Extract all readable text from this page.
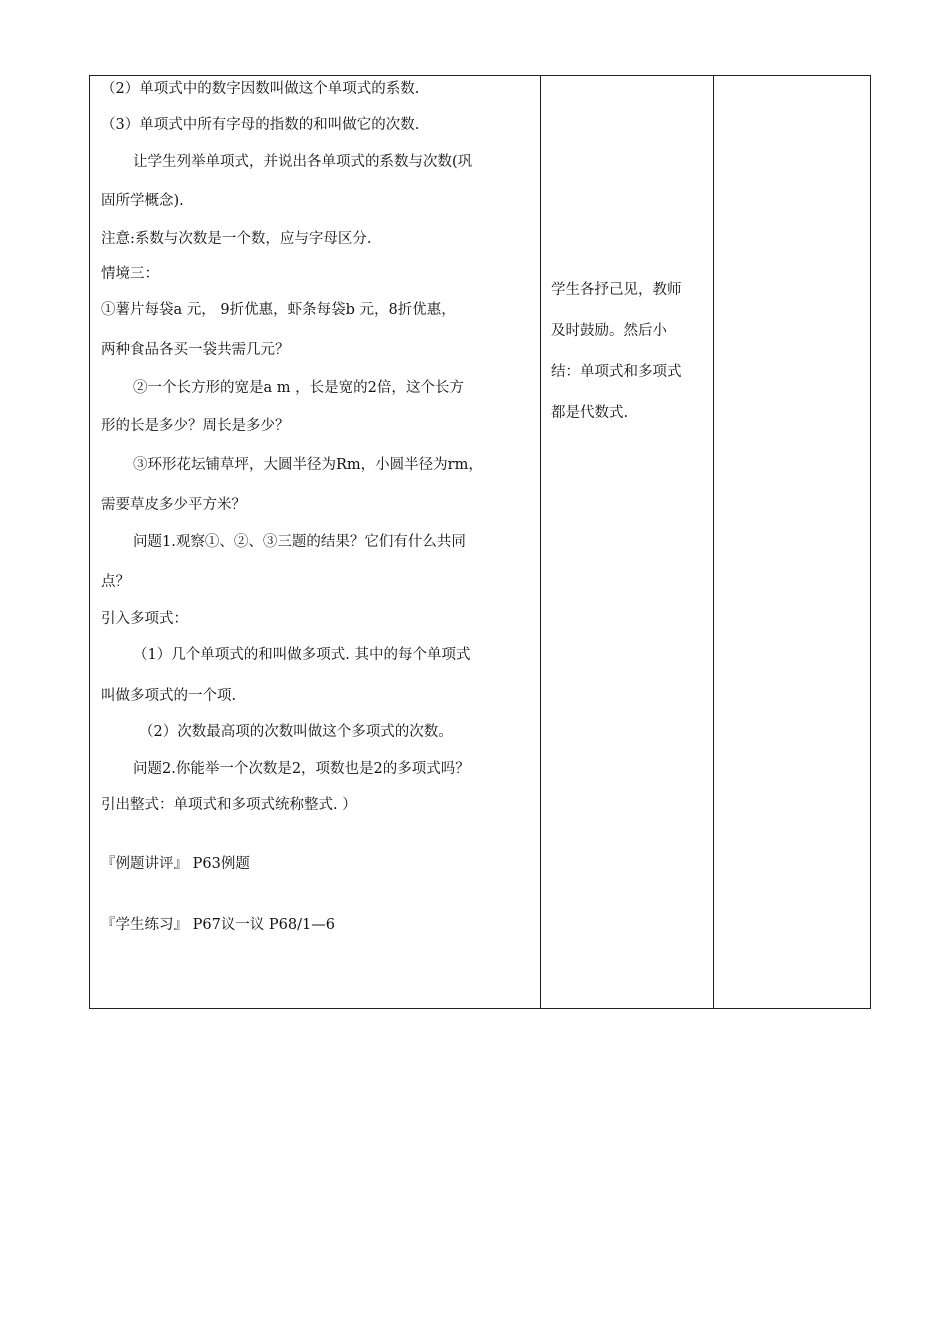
（2）单项式中的数字因数叫做这个单项式的系数.
（3）单项式中所有字母的指数的和叫做它的次数.
让学生列举单项式，并说出各单项式的系数与次数(巩
固所学概念).
注意:系数与次数是一个数，应与字母区分.
情境三：
①薯片每袋a 元， 9折优惠，虾条每袋b 元，8折优惠，
两种食品各买一袋共需几元？
②一个长方形的宽是a m ，长是宽的2倍，这个长方
形的长是多少？周长是多少？
③环形花坛铺草坪，大圆半径为Rm，小圆半径为rm，
需要草皮多少平方米？
问题1.观察①、②、③三题的结果？它们有什么共同
点？
引入多项式：
（1）几个单项式的和叫做多项式. 其中的每个单项式
叫做多项式的一个项.
（2）次数最高项的次数叫做这个多项式的次数。
问题2.你能举一个次数是2，项数也是2的多项式吗？
引出整式：单项式和多项式统称整式. ）
『例题讲评』 P63例题
『学生练习』 P67议一议 P68/1—6

学生各抒己见，教师
及时鼓励。然后小
结：单项式和多项式
都是代数式.
